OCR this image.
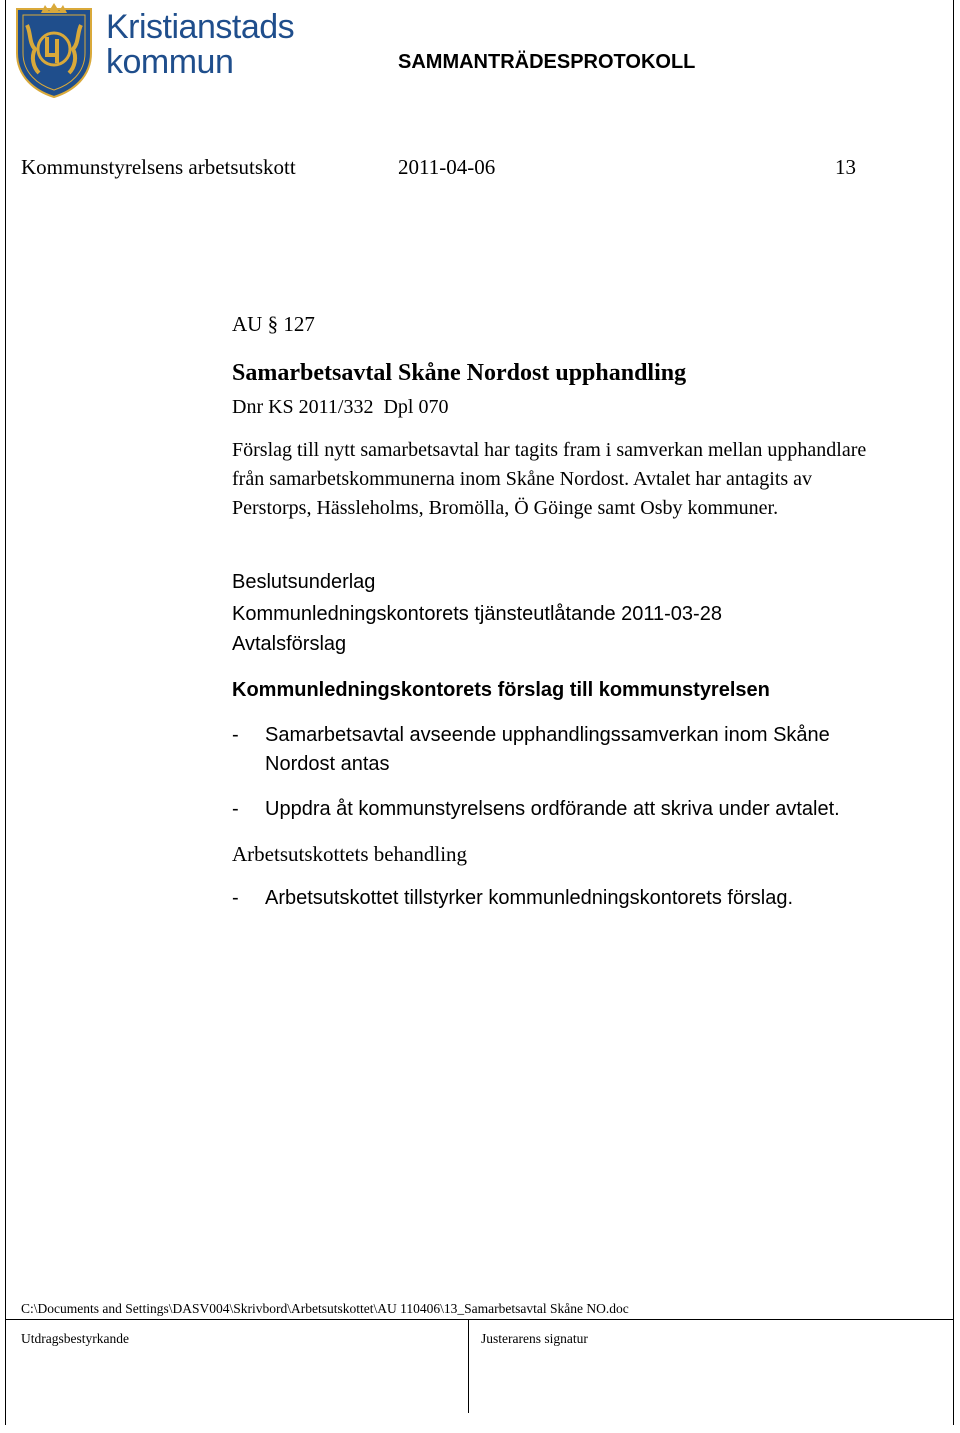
Kristianstads
kommun	SAMMANTRÄDESPROTOKOLL
Kommunstyrelsens arbetsutskott	2011-04-06	13
AU § 127
Samarbetsavtal Skåne Nordost upphandling
Dnr KS 2011/332  Dpl 070
Förslag till nytt samarbetsavtal har tagits fram i samverkan mellan upphandlare från samarbetskommunerna inom Skåne Nordost. Avtalet har antagits av Perstorps, Hässleholms, Bromölla, Ö Göinge samt Osby kommuner.
Beslutsunderlag
Kommunledningskontorets tjänsteutlåtande 2011-03-28
Avtalsförslag
Kommunledningskontorets förslag till kommunstyrelsen
- Samarbetsavtal avseende upphandlingssamverkan inom Skåne Nordost antas
- Uppdra åt kommunstyrelsens ordförande att skriva under avtalet.
Arbetsutskottets behandling
- Arbetsutskottet tillstyrker kommunledningskontorets förslag.
C:\Documents and Settings\DASV004\Skrivbord\Arbetsutskottet\AU 110406\13_Samarbetsavtal Skåne NO.doc
Utdragsbestyrkande	Justerarens signatur
